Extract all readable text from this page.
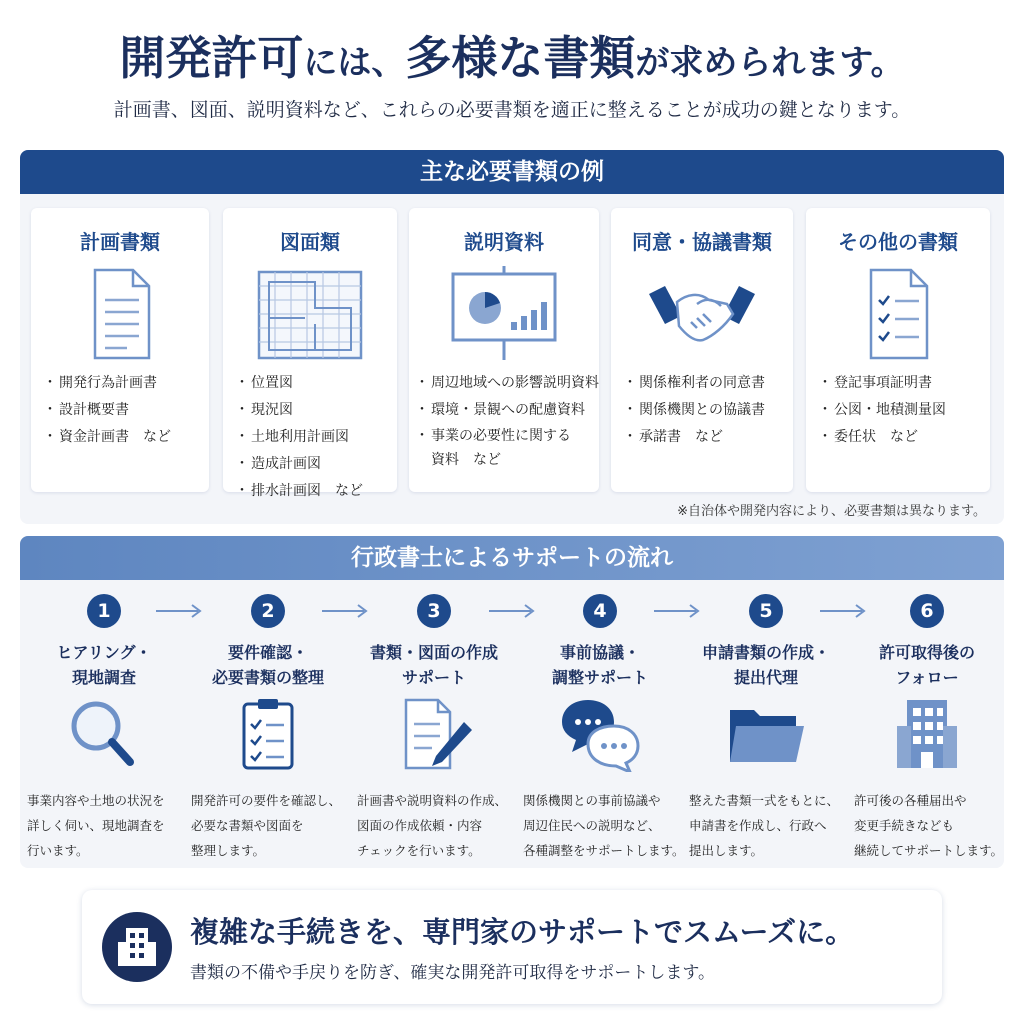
開発許可には、多様な書類が求められます。
計画書、図面、説明資料など、これらの必要書類を適正に整えることが成功の鍵となります。
主な必要書類の例
計画書類
・ 開発行為計画書
・ 設計概要書
・ 資金計画書　など
図面類
・ 位置図
・ 現況図
・ 土地利用計画図
・ 造成計画図
・ 排水計画図　など
説明資料
・ 周辺地域への影響説明資料
・ 環境・景観への配慮資料
・ 事業の必要性に関する資料　など
同意・協議書類
・ 関係権利者の同意書
・ 関係機関との協議書
・ 承諾書　など
その他の書類
・ 登記事項証明書
・ 公図・地積測量図
・ 委任状　など
※自治体や開発内容により、必要書類は異なります。
行政書士によるサポートの流れ
1
ヒアリング・
現地調査
事業内容や土地の状況を
詳しく伺い、現地調査を
行います。
2
要件確認・
必要書類の整理
開発許可の要件を確認し、
必要な書類や図面を
整理します。
3
書類・図面の作成
サポート
計画書や説明資料の作成、
図面の作成依頼・内容
チェックを行います。
4
事前協議・
調整サポート
関係機関との事前協議や
周辺住民への説明など、
各種調整をサポートします。
5
申請書類の作成・
提出代理
整えた書類一式をもとに、
申請書を作成し、行政へ
提出します。
6
許可取得後の
フォロー
許可後の各種届出や
変更手続きなども
継続してサポートします。
複雑な手続きを、専門家のサポートでスムーズに。
書類の不備や手戻りを防ぎ、確実な開発許可取得をサポートします。
